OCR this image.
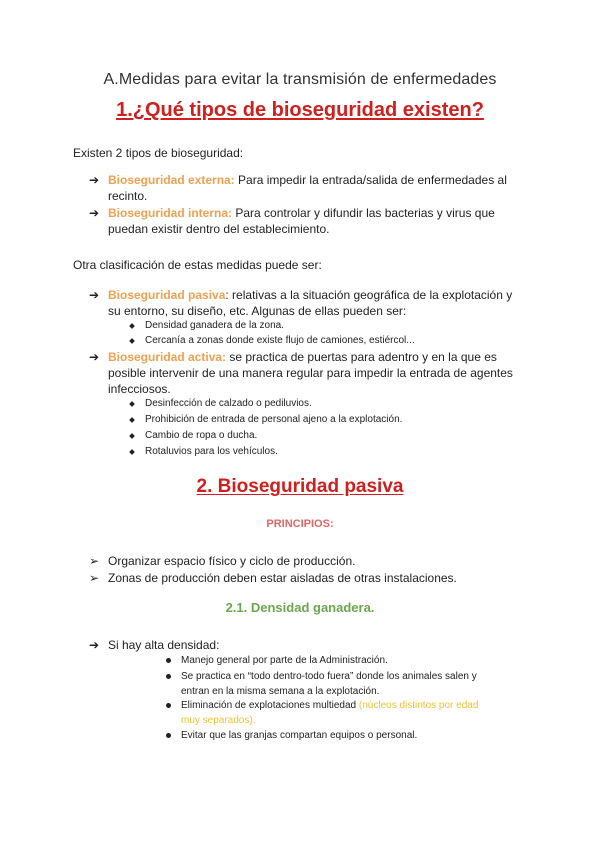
A.Medidas para evitar la transmisión de enfermedades
1.¿Qué tipos de bioseguridad existen?
Existen 2 tipos de bioseguridad:
➔ Bioseguridad externa: Para impedir la entrada/salida de enfermedades al
recinto.
➔ Bioseguridad interna: Para controlar y difundir las bacterias y virus que
puedan existir dentro del establecimiento.
Otra clasificación de estas medidas puede ser:
➔ Bioseguridad pasiva: relativas a la situación geográfica de la explotación y
su entorno, su diseño, etc. Algunas de ellas pueden ser:
Densidad ganadera de la zona.
Cercanía a zonas donde existe flujo de camiones, estiércol...
➔ Bioseguridad activa: se practica de puertas para adentro y en la que es
posible intervenir de una manera regular para impedir la entrada de agentes
infecciosos.
Desinfección de calzado o pediluvios.
Prohibición de entrada de personal ajeno a la explotación.
Cambio de ropa o ducha.
Rotaluvios para los vehículos.
2. Bioseguridad pasiva
PRINCIPIOS:
➢ Organizar espacio físico y ciclo de producción.
➢ Zonas de producción deben estar aisladas de otras instalaciones.
2.1. Densidad ganadera.
➔ Si hay alta densidad:
Manejo general por parte de la Administración.
Se practica en “todo dentro-todo fuera” donde los animales salen y
entran en la misma semana a la explotación.
Eliminación de explotaciones multiedad (núcleos distintos por edad
muy separados).
Evitar que las granjas compartan equipos o personal.
